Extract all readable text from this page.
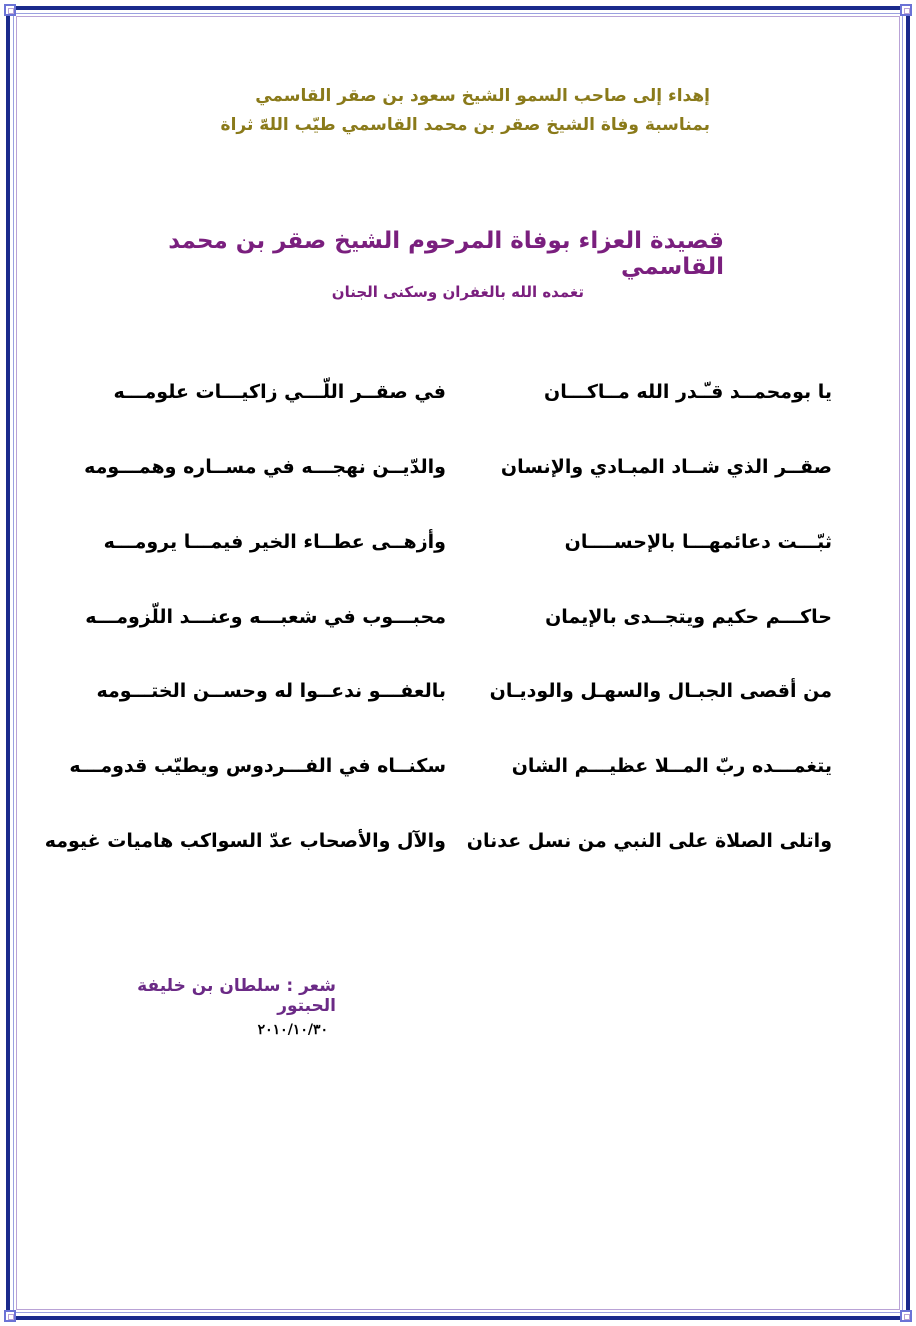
إهداء إلى صاحب السمو الشيخ سعود بن صقر القاسمي
بمناسبة وفاة الشيخ صقر بن محمد القاسمي طيّب اللهّ ثراة
قصيدة العزاء بوفاة المرحوم الشيخ صقر بن محمد القاسمي
تغمده الله بالغفران وسكنى الجنان
يا بومحمــد قـّـدر الله مــاكـــان
في صقــر اللّـــي زاكيـــات علومـــه
صقــر الذي شــاد المبـادي والإنسان
والدّيــن نهجـــه في مســاره وهمـــومه
ثبّـــت دعائمهـــا بالإحســــان
وأزهــى عطــاء الخير فيمـــا يرومـــه
حاكـــم حكيم ويتجــدى بالإيمان
محبـــوب في شعبـــه وعنـــد اللّزومـــه
من أقصى الجبـال والسهـل والوديـان
بالعفـــو ندعــوا له وحســن الختـــومه
يتغمـــده ربّ المــلا عظيـــم الشان
سكنــاه في الفـــردوس ويطيّب قدومـــه
واتلى الصلاة على النبي من نسل عدنان
والآل والأصحاب عدّ السواكب هاميات غيومه
شعر : سلطان بن خليفة الحبتور
٢٠١٠/١٠/٣٠
